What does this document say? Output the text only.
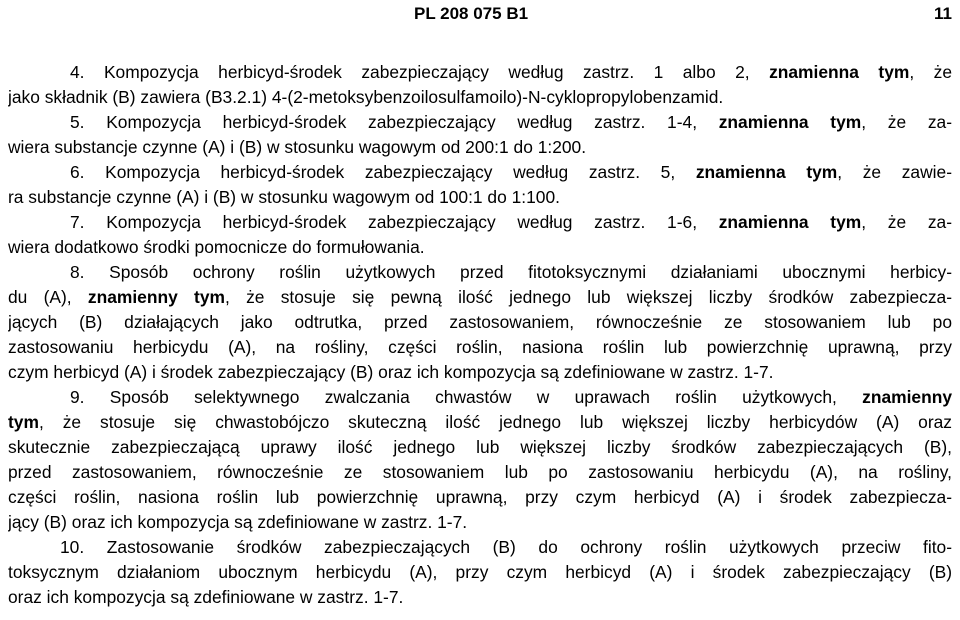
PL 208 075 B1	11
4. Kompozycja herbicyd-środek zabezpieczający według zastrz. 1 albo 2, znamienna tym, że
jako składnik (B) zawiera (B3.2.1) 4-(2-metoksybenzoilosulfamoilo)-N-cyklopropylobenzamid.
5. Kompozycja herbicyd-środek zabezpieczający według zastrz. 1-4, znamienna tym, że za-
wiera substancje czynne (A) i (B) w stosunku wagowym od 200:1 do 1:200.
6. Kompozycja herbicyd-środek zabezpieczający według zastrz. 5, znamienna tym, że zawie-
ra substancje czynne (A) i (B) w stosunku wagowym od 100:1 do 1:100.
7. Kompozycja herbicyd-środek zabezpieczający według zastrz. 1-6, znamienna tym, że za-
wiera dodatkowo środki pomocnicze do formułowania.
8. Sposób ochrony roślin użytkowych przed fitotoksycznymi działaniami ubocznymi herbicy-
du (A), znamienny tym, że stosuje się pewną ilość jednego lub większej liczby środków zabezpiecza-
jących (B) działających jako odtrutka, przed zastosowaniem, równocześnie ze stosowaniem lub po
zastosowaniu herbicydu (A), na rośliny, części roślin, nasiona roślin lub powierzchnię uprawną, przy
czym herbicyd (A) i środek zabezpieczający (B) oraz ich kompozycja są zdefiniowane w zastrz. 1-7.
9. Sposób selektywnego zwalczania chwastów w uprawach roślin użytkowych, znamienny
tym, że stosuje się chwastobójczo skuteczną ilość jednego lub większej liczby herbicydów (A) oraz
skutecznie zabezpieczającą uprawy ilość jednego lub większej liczby środków zabezpieczających (B),
przed zastosowaniem, równocześnie ze stosowaniem lub po zastosowaniu herbicydu (A), na rośliny,
części roślin, nasiona roślin lub powierzchnię uprawną, przy czym herbicyd (A) i środek zabezpiecza-
jący (B) oraz ich kompozycja są zdefiniowane w zastrz. 1-7.
10. Zastosowanie środków zabezpieczających (B) do ochrony roślin użytkowych przeciw fito-
toksycznym działaniom ubocznym herbicydu (A), przy czym herbicyd (A) i środek zabezpieczający (B)
oraz ich kompozycja są zdefiniowane w zastrz. 1-7.
